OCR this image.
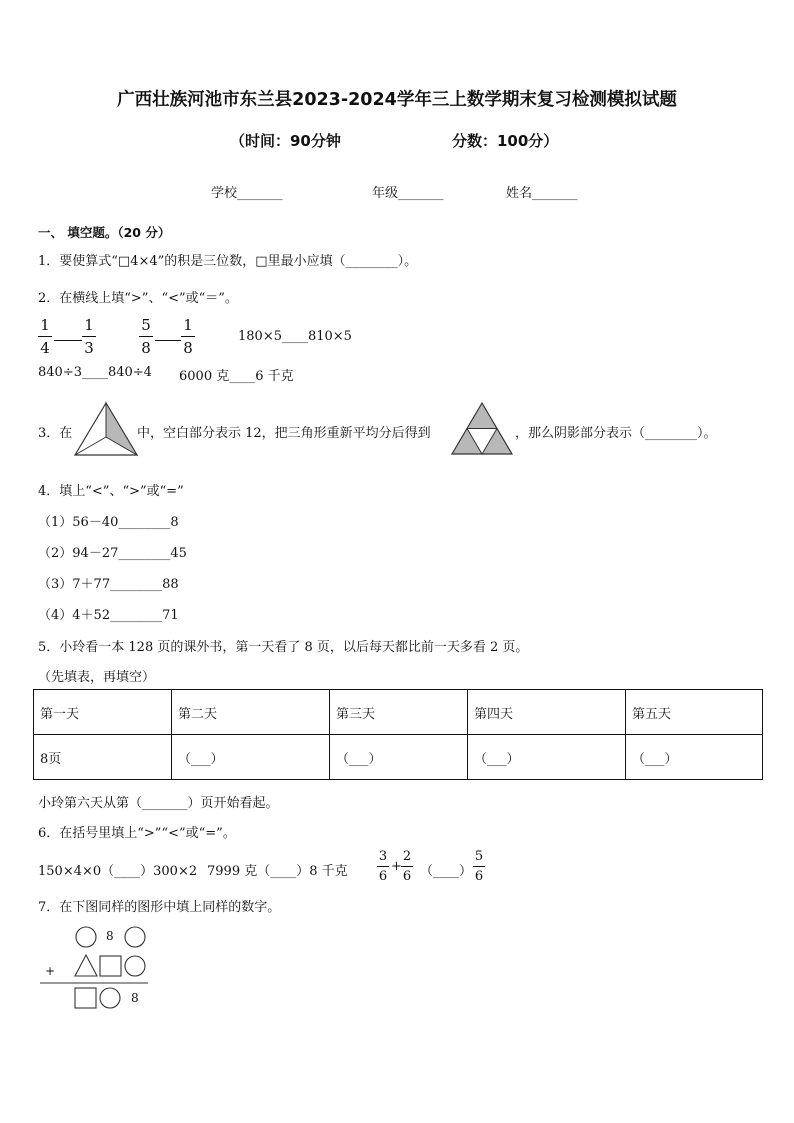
广西壮族河池市东兰县2023-2024学年三上数学期末复习检测模拟试题
（时间：90分钟	分数：100分）
学校_______	年级_______	姓名_______
一、 填空题。（20 分）
1．要使算式“□4×4”的积是三位数，□里最小应填（________）。
2．在横线上填“>”、“<”或“＝”。
1
4
1
3
5
8
1
8
180×5____810×5
840÷3____840÷4 6000 克____6 千克
3．在	中，空白部分表示 12，把三角形重新平均分后得到	，那么阴影部分表示（________）。
4．填上“<”、“>”或“=”
（1）56－40________8
（2）94－27________45
（3）7＋77________88
（4）4＋52________71
5．小玲看一本 128 页的课外书，第一天看了 8 页，以后每天都比前一天多看 2 页。
（先填表，再填空）
第一天	第二天	第三天	第四天	第五天
8页	（___）	（___）	（___）	（___）
小玲第六天从第（_______）页开始看起。
6．在括号里填上“>”“<”或“=”。
150×4×0（____）300×2 7999 克（____）8 千克
3
6
+
2
6 （____）
5
6
7．在下图同样的图形中填上同样的数字。
8
+
8
